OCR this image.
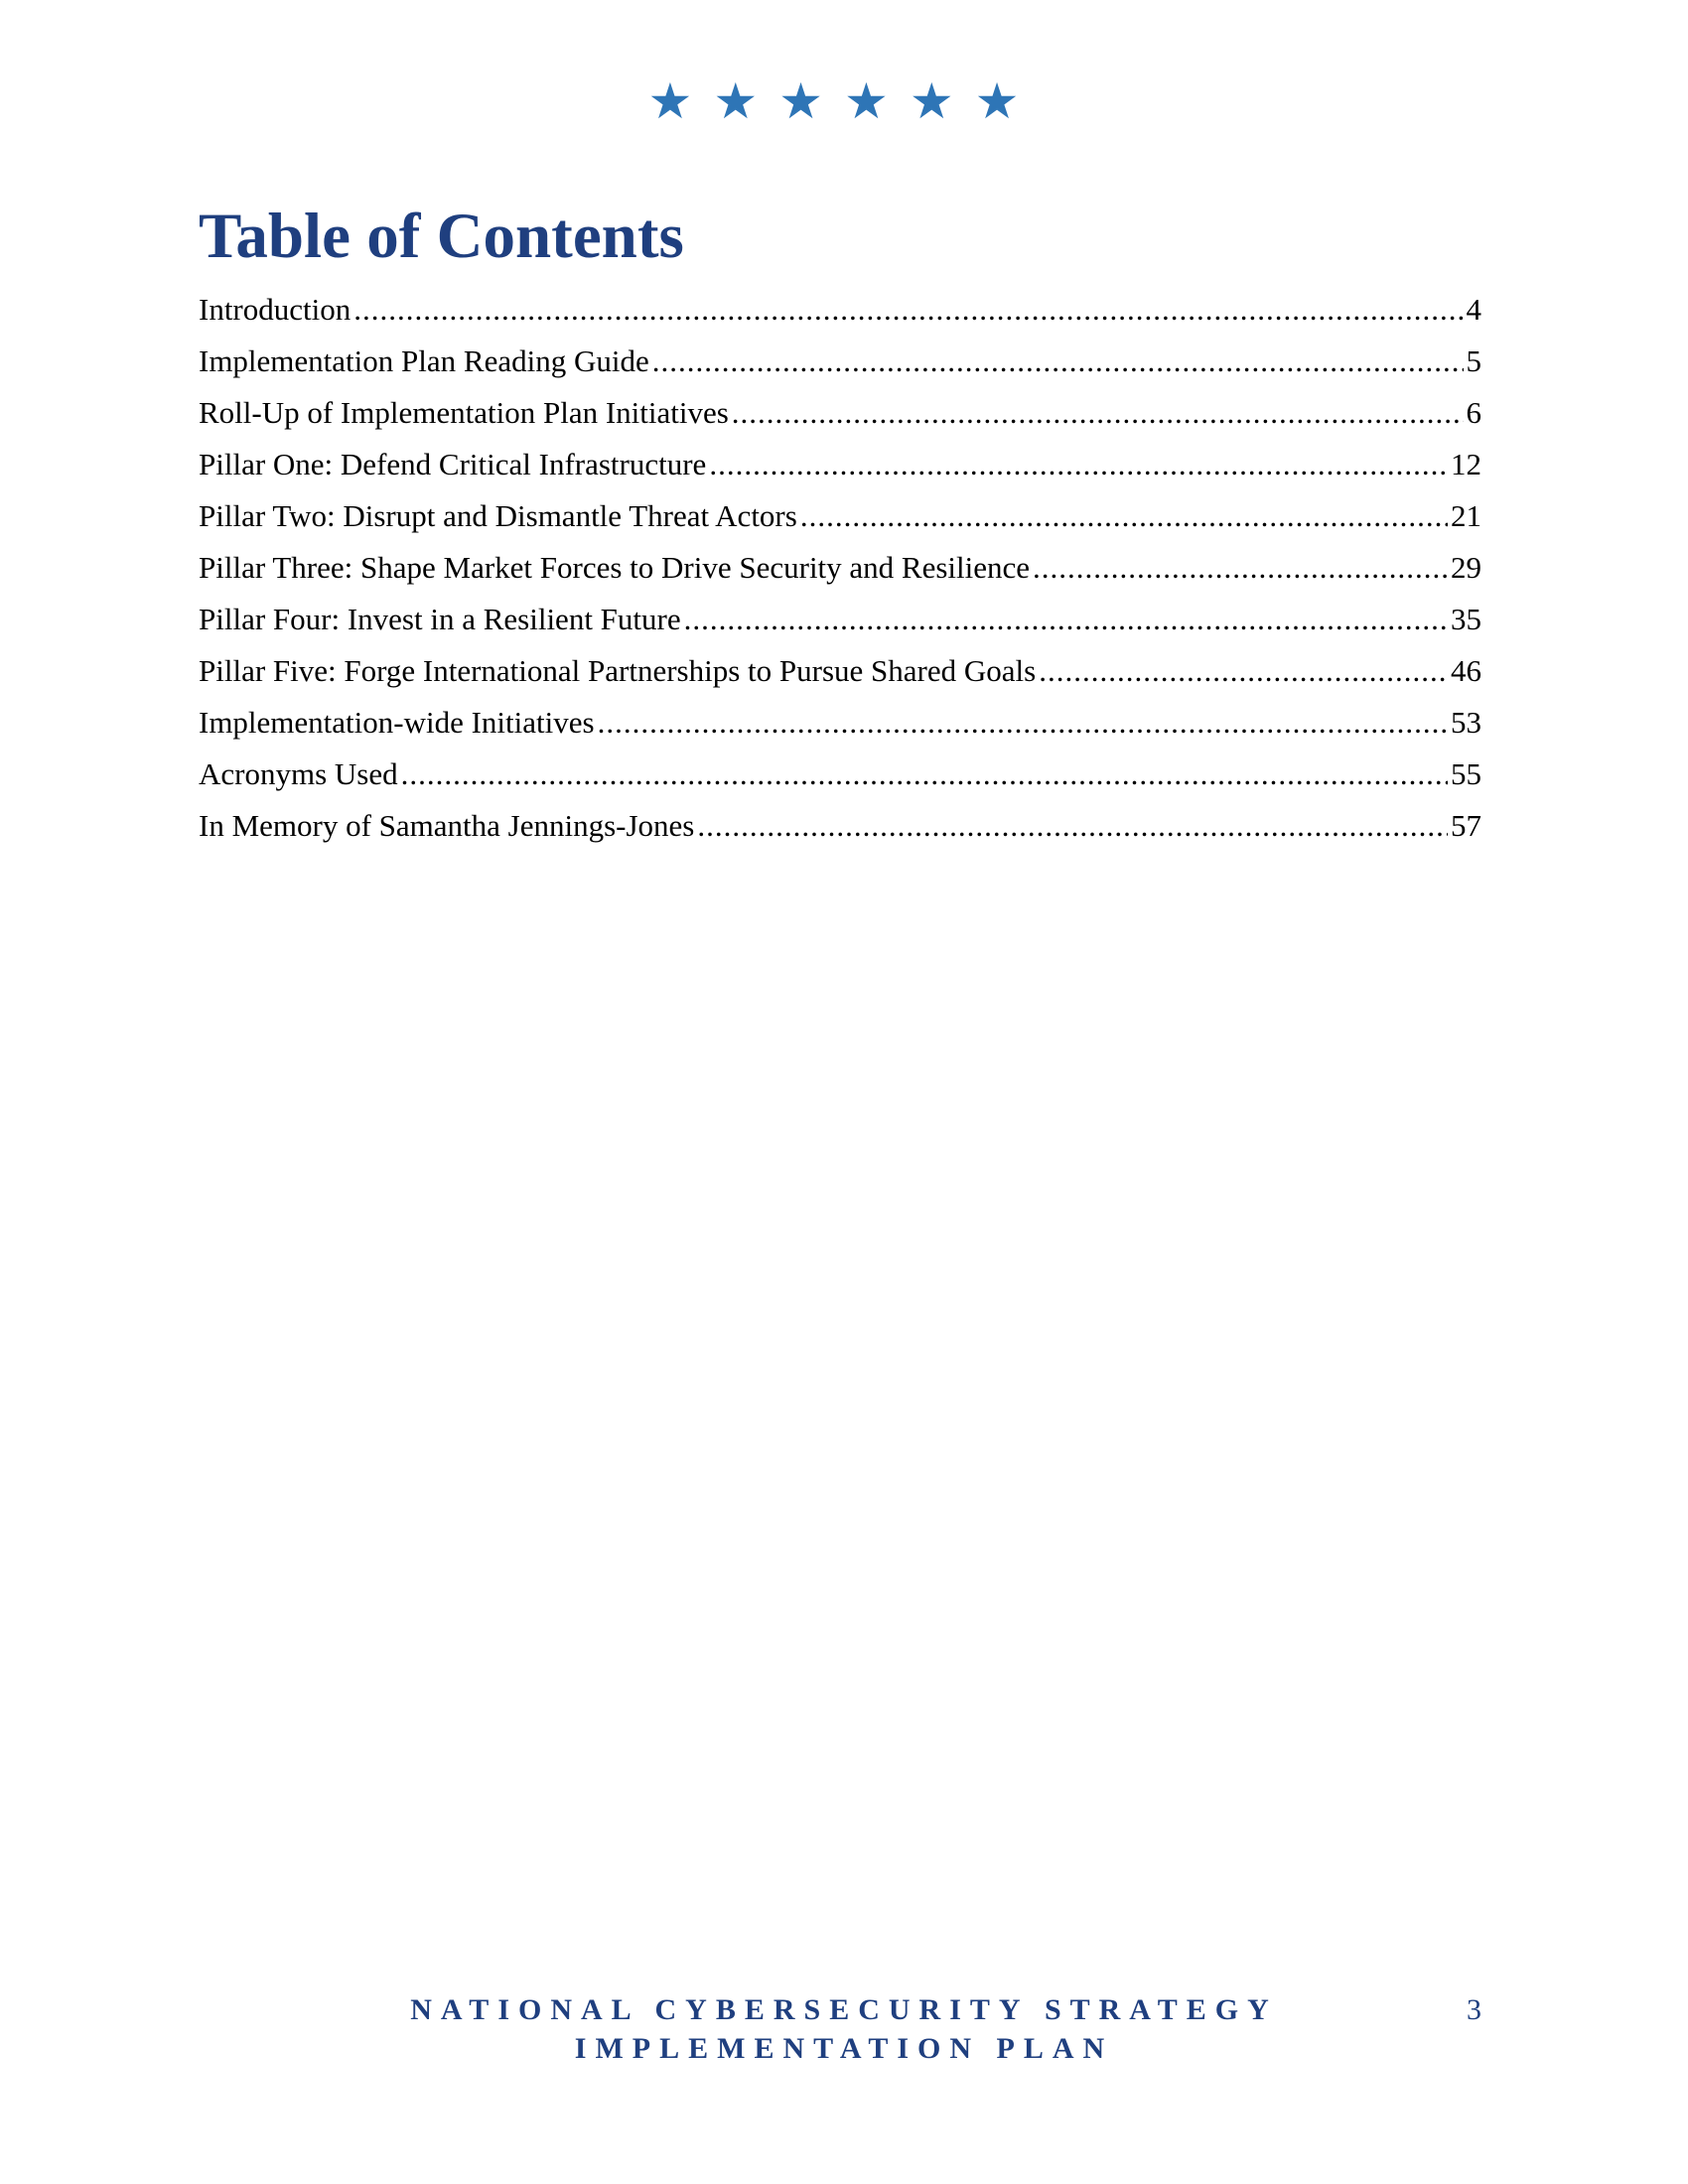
★★★★★★
Table of Contents
Introduction .....	4
Implementation Plan Reading Guide .....	5
Roll-Up of Implementation Plan Initiatives .....	6
Pillar One: Defend Critical Infrastructure .....	12
Pillar Two: Disrupt and Dismantle Threat Actors .....	21
Pillar Three: Shape Market Forces to Drive Security and Resilience .....	29
Pillar Four: Invest in a Resilient Future .....	35
Pillar Five: Forge International Partnerships to Pursue Shared Goals .....	46
Implementation-wide Initiatives .....	53
Acronyms Used .....	55
In Memory of Samantha Jennings-Jones .....	57
NATIONAL CYBERSECURITY STRATEGY
IMPLEMENTATION PLAN
3
